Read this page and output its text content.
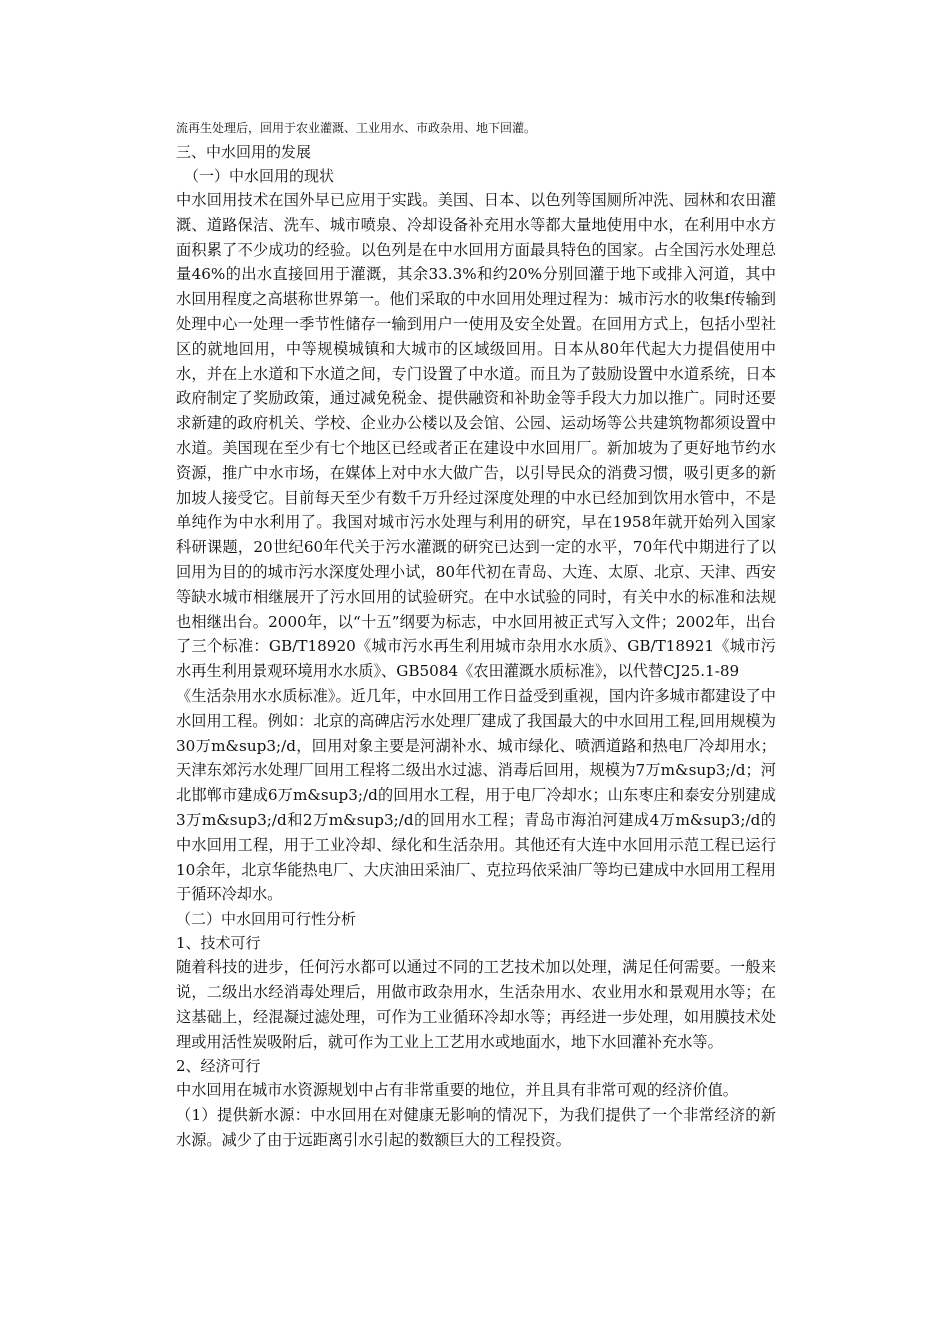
流再生处理后，回用于农业灌溉、工业用水、市政杂用、地下回灌。

三、中水回用的发展

（一）中水回用的现状

中水回用技术在国外早已应用于实践。美国、日本、以色列等国厕所冲洗、园林和农田灌溉、道路保洁、洗车、城市喷泉、冷却设备补充用水等都大量地使用中水，在利用中水方面积累了不少成功的经验。以色列是在中水回用方面最具特色的国家。占全国污水处理总量46%的出水直接回用于灌溉，其余33.3%和约20%分别回灌于地下或排入河道，其中水回用程度之高堪称世界第一。他们采取的中水回用处理过程为：城市污水的收集f传输到处理中心一处理一季节性储存一输到用户一使用及安全处置。在回用方式上，包括小型社区的就地回用，中等规模城镇和大城市的区域级回用。日本从80年代起大力提倡使用中水，并在上水道和下水道之间，专门设置了中水道。而且为了鼓励设置中水道系统，日本政府制定了奖励政策，通过减免税金、提供融资和补助金等手段大力加以推广。同时还要求新建的政府机关、学校、企业办公楼以及会馆、公园、运动场等公共建筑物都须设置中水道。美国现在至少有七个地区已经或者正在建设中水回用厂。新加坡为了更好地节约水资源，推广中水市场，在媒体上对中水大做广告，以引导民众的消费习惯，吸引更多的新加坡人接受它。目前每天至少有数千万升经过深度处理的中水已经加到饮用水管中，不是单纯作为中水利用了。我国对城市污水处理与利用的研究，早在1958年就开始列入国家科研课题，20世纪60年代关于污水灌溉的研究已达到一定的水平，70年代中期进行了以回用为目的的城市污水深度处理小试，80年代初在青岛、大连、太原、北京、天津、西安等缺水城市相继展开了污水回用的试验研究。在中水试验的同时，有关中水的标准和法规也相继出台。2000年，以“十五”纲要为标志，中水回用被正式写入文件；2002年，出台了三个标准：GB/T18920《城市污水再生利用城市杂用水水质》、GB/T18921《城市污水再生利用景观环境用水水质》、GB5084《农田灌溉水质标准》，以代替CJ25.1-89

《生活杂用水水质标准》。近几年，中水回用工作日益受到重视，国内许多城市都建设了中水回用工程。例如：北京的高碑店污水处理厂建成了我国最大的中水回用工程,回用规模为30万m&sup3;/d，回用对象主要是河湖补水、城市绿化、喷洒道路和热电厂冷却用水；天津东郊污水处理厂回用工程将二级出水过滤、消毒后回用，规模为7万m&sup3;/d；河北邯郸市建成6万m&sup3;/d的回用水工程，用于电厂冷却水；山东枣庄和泰安分别建成3万m&sup3;/d和2万m&sup3;/d的回用水工程；青岛市海泊河建成4万m&sup3;/d的中水回用工程，用于工业冷却、绿化和生活杂用。其他还有大连中水回用示范工程已运行10余年，北京华能热电厂、大庆油田采油厂、克拉玛依采油厂等均已建成中水回用工程用于循环冷却水。

（二）中水回用可行性分析

1、技术可行

随着科技的进步，任何污水都可以通过不同的工艺技术加以处理，满足任何需要。一般来说，二级出水经消毒处理后，用做市政杂用水，生活杂用水、农业用水和景观用水等；在这基础上，经混凝过滤处理，可作为工业循环冷却水等；再经进一步处理，如用膜技术处理或用活性炭吸附后，就可作为工业上工艺用水或地面水，地下水回灌补充水等。

2、经济可行

中水回用在城市水资源规划中占有非常重要的地位，并且具有非常可观的经济价值。

（1）提供新水源：中水回用在对健康无影响的情况下，为我们提供了一个非常经济的新水源。减少了由于远距离引水引起的数额巨大的工程投资。
